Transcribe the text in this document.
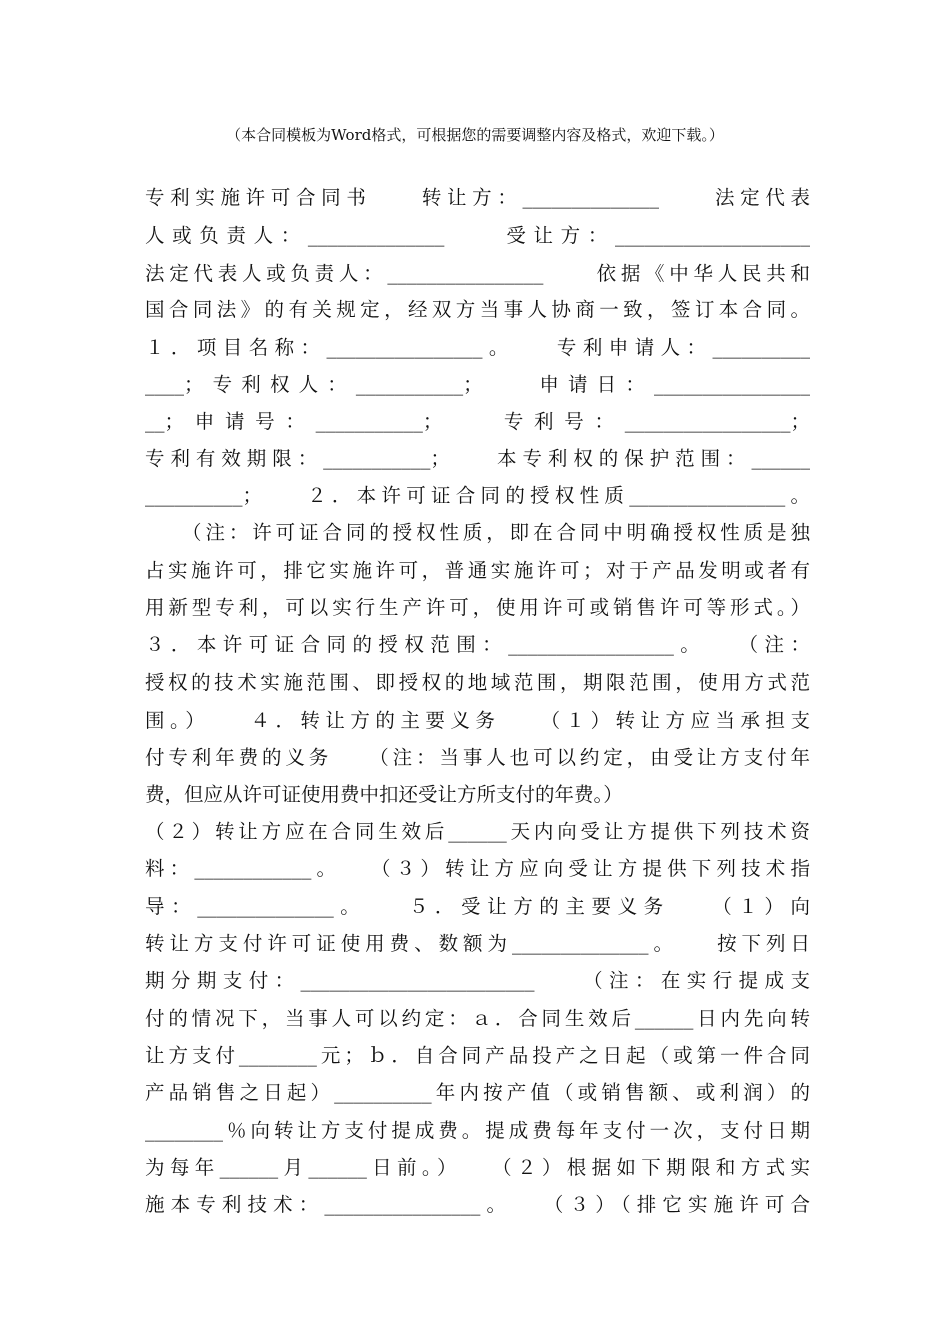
（本合同模板为Word格式，可根据您的需要调整内容及格式，欢迎下载。）
专利实施许可合同书　　转让方：______________　　法定代表
人或负责人：______________　　受让方：____________________
法定代表人或负责人：________________　　依据《中华人民共和
国合同法》的有关规定，经双方当事人协商一致，签订本合同。
１．项目名称：________________。　　专利申请人：__________
____；专利权人：___________；　　申请日：________________
__；申请号：___________；　　专利号：_________________；
专利有效期限：___________；　　本专利权的保护范围：______
__________；　　２．本许可证合同的授权性质________________。
　　（注：许可证合同的授权性质，即在合同中明确授权性质是独
占实施许可，排它实施许可，普通实施许可；对于产品发明或者有
用新型专利，可以实行生产许可，使用许可或销售许可等形式。）
３．本许可证合同的授权范围：_________________。　　（注：
授权的技术实施范围、即授权的地域范围，期限范围，使用方式范
围。）　　４．转让方的主要义务　　（１）转让方应当承担支
付专利年费的义务　　（注：当事人也可以约定，由受让方支付年
费，但应从许可证使用费中扣还受让方所支付的年费。）
（２）转让方应在合同生效后______天内向受让方提供下列技术资
料：____________。　　（３）转让方应向受让方提供下列技术指
导：______________。　　５．受让方的主要义务　　（１）向
转让方支付许可证使用费、数额为______________。　　按下列日
期分期支付：________________________　　（注：在实行提成支
付的情况下，当事人可以约定：ａ．合同生效后______日内先向转
让方支付________元；ｂ．自合同产品投产之日起（或第一件合同
产品销售之日起）__________年内按产值（或销售额、或利润）的
________％向转让方支付提成费。提成费每年支付一次，支付日期
为每年______月______日前。）　　（２）根据如下期限和方式实
施本专利技术：________________。　　（３）（排它实施许可合
